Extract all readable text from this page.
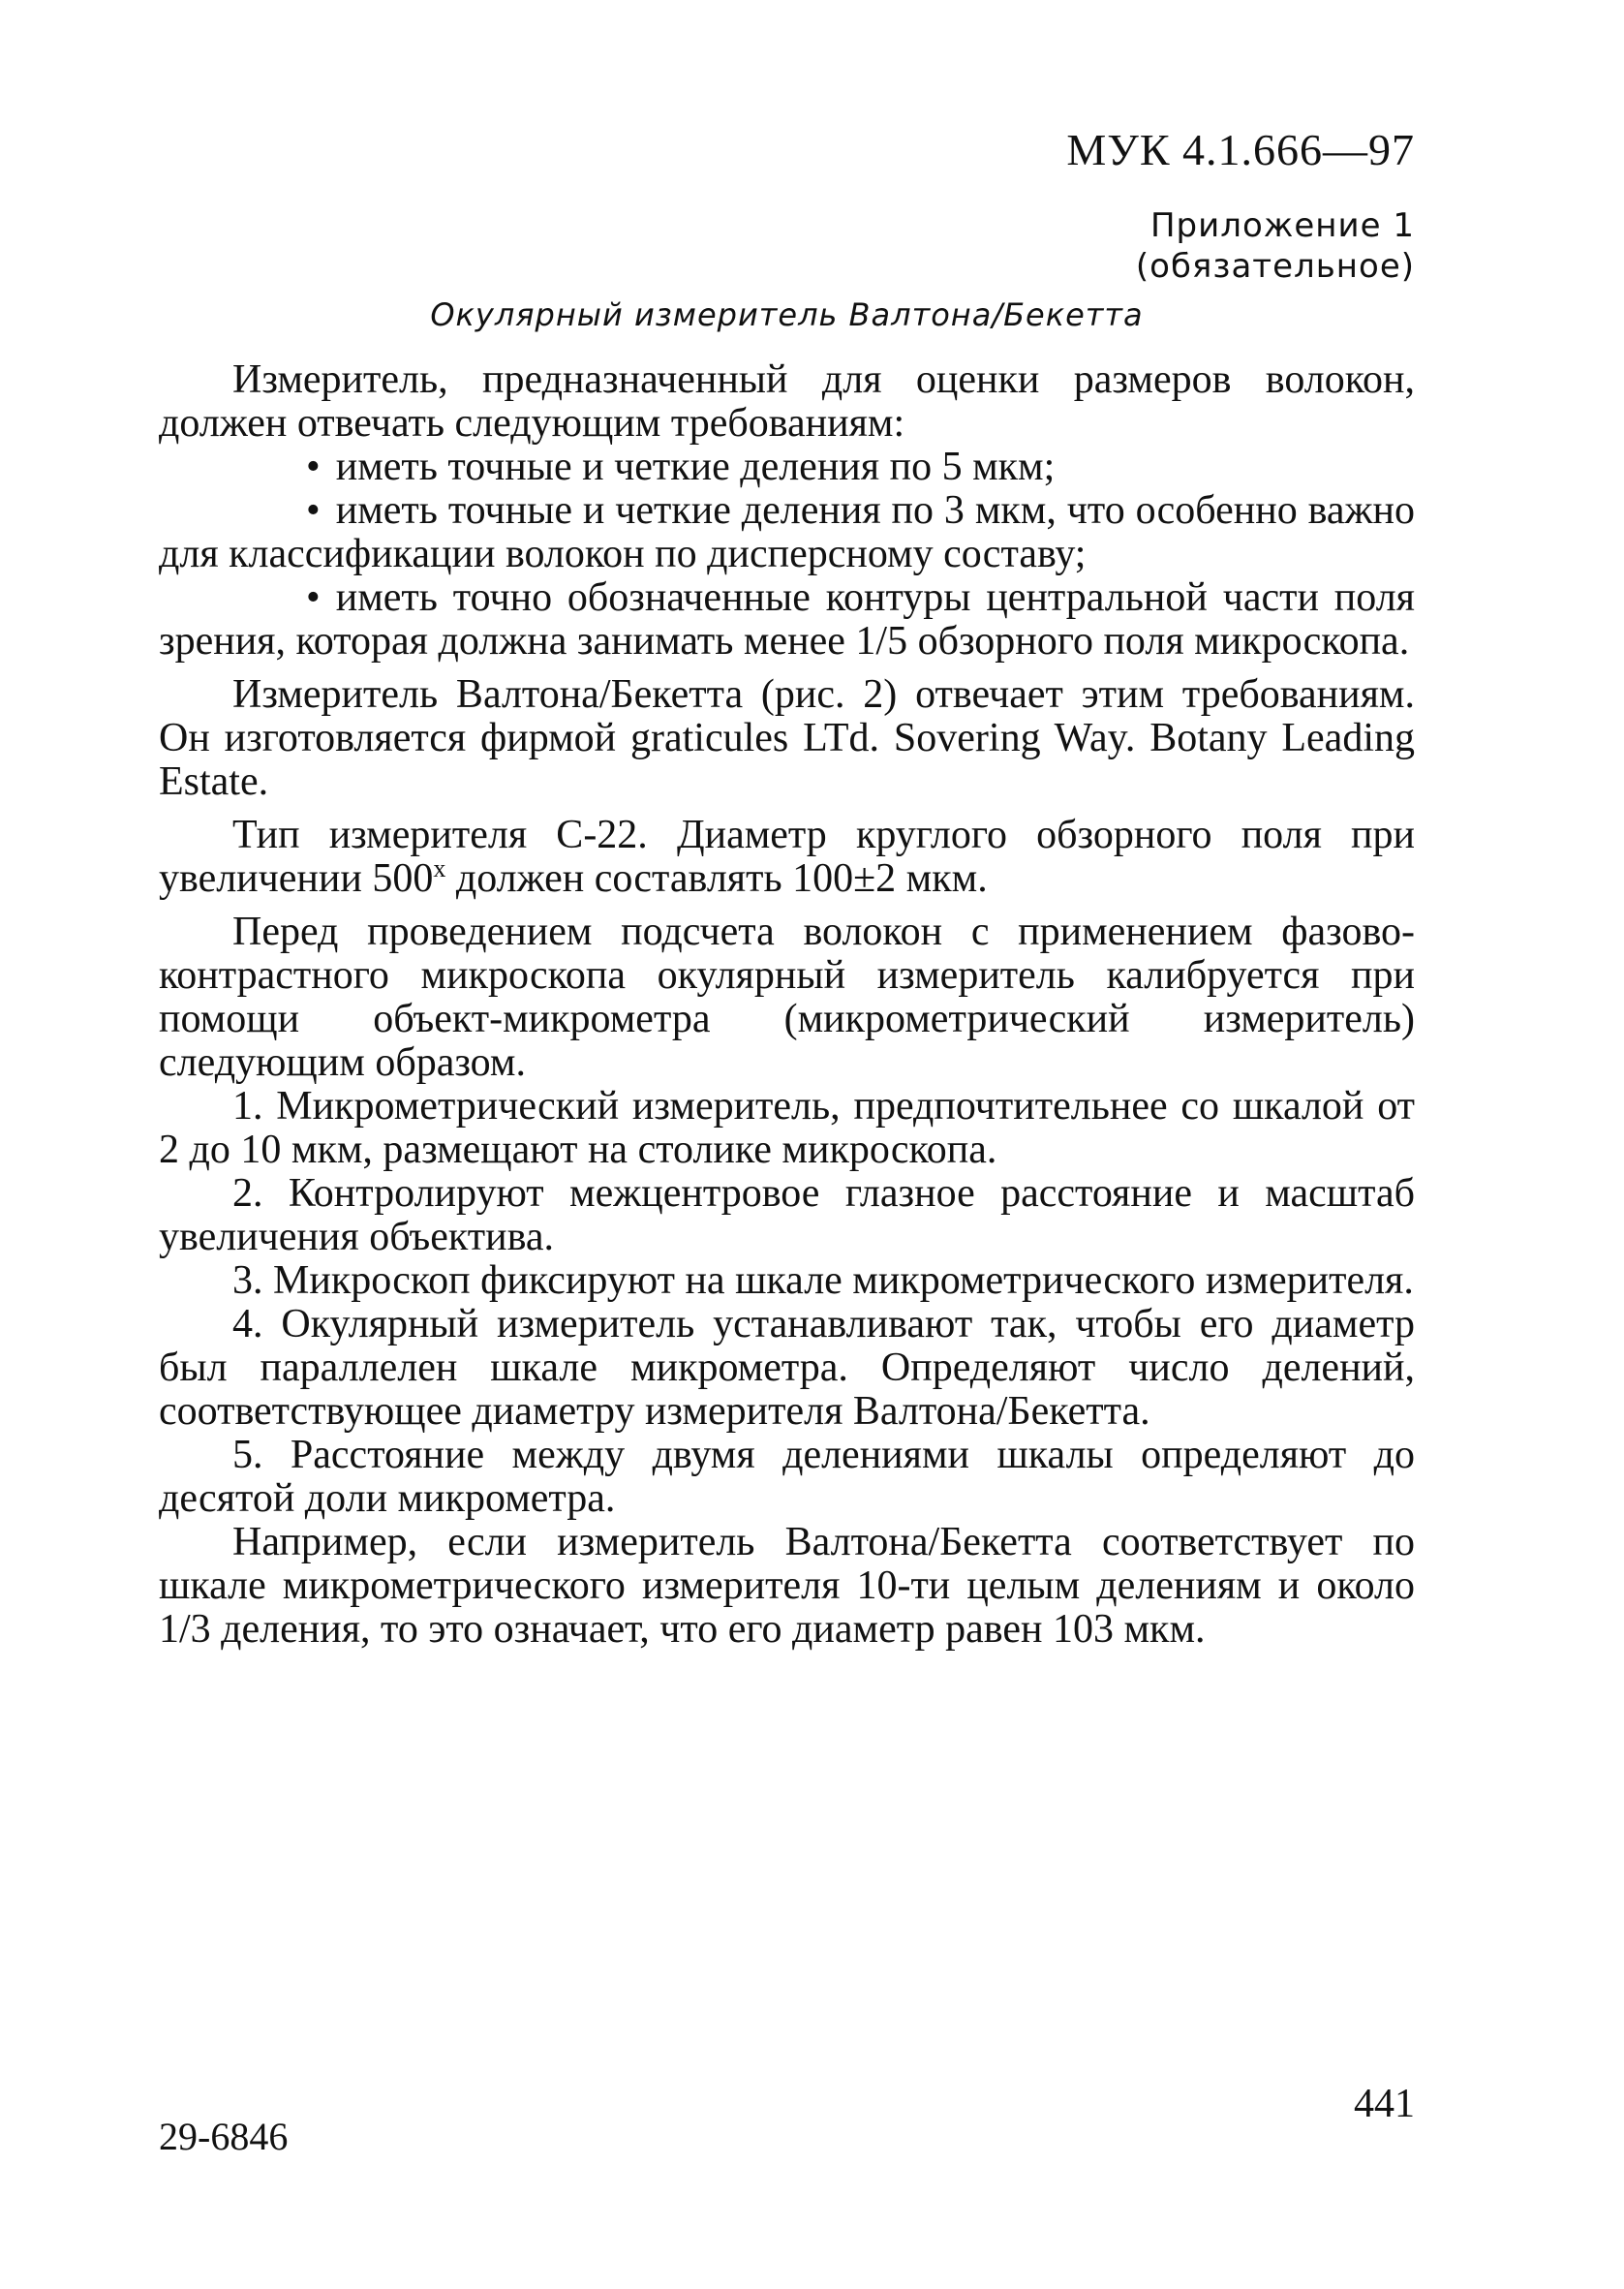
МУК 4.1.666—97
Приложение 1
(обязательное)
Окулярный измеритель Валтона/Бекетта

Измеритель, предназначенный для оценки размеров волокон, должен отвечать следующим требованиям:

• иметь точные и четкие деления по 5 мкм;

• иметь точные и четкие деления по 3 мкм, что особенно важно для классификации волокон по дисперсному составу;

• иметь точно обозначенные контуры центральной части поля зрения, которая должна занимать менее 1/5 обзорного поля микроскопа.

Измеритель Валтона/Бекетта (рис. 2) отвечает этим требованиям. Он изготовляется фирмой graticules LTd. Sovering Way. Botany Leading Estate.

Тип измерителя С-22. Диаметр круглого обзорного поля при увеличении 500$^x$ должен составлять 100±2 мкм.

Перед проведением подсчета волокон с применением фазово-контрастного микроскопа окулярный измеритель калибруется при помощи объект-микрометра (микрометрический измеритель) следующим образом.

1. Микрометрический измеритель, предпочтительнее со шкалой от 2 до 10 мкм, размещают на столике микроскопа.

2. Контролируют межцентровое глазное расстояние и масштаб увеличения объектива.

3. Микроскоп фиксируют на шкале микрометрического измерителя.

4. Окулярный измеритель устанавливают так, чтобы его диаметр был параллелен шкале микрометра. Определяют число делений, соответствующее диаметру измерителя Валтона/Бекетта.

5. Расстояние между двумя делениями шкалы определяют до десятой доли микрометра.

Например, если измеритель Валтона/Бекетта соответствует по шкале микрометрического измерителя 10-ти целым делениям и около 1/3 деления, то это означает, что его диаметр равен 103 мкм.

441
29-6846
